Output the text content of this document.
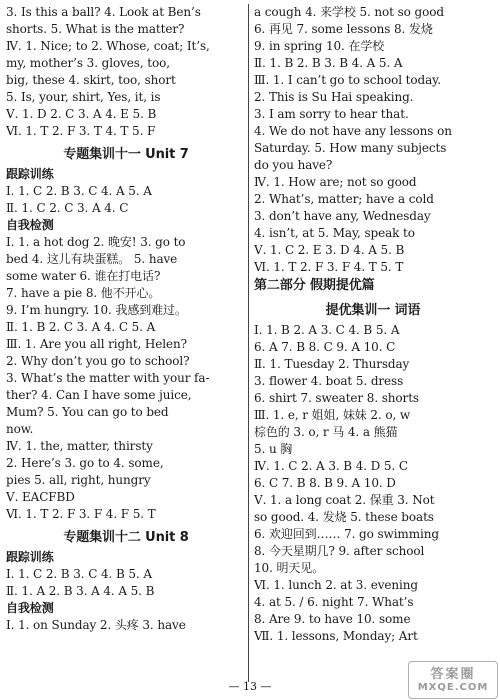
3. Is this a ball? 4. Look at Ben’s
shorts. 5. What is the matter?
Ⅳ. 1. Nice; to 2. Whose, coat; It’s,
my, mother’s 3. gloves, too,
big, these 4. skirt, too, short
5. Is, your, shirt, Yes, it, is
Ⅴ. 1. D 2. C 3. A 4. E 5. B
Ⅵ. 1. T 2. F 3. T 4. T 5. F
专题集训十一 Unit 7
跟踪训练
Ⅰ. 1. C 2. B 3. C 4. A 5. A
Ⅱ. 1. C 2. C 3. A 4. C
自我检测
Ⅰ. 1. a hot dog 2. 晚安! 3. go to
bed 4. 这儿有块蛋糕。 5. have
some water 6. 谁在打电话?
7. have a pie 8. 他不开心。
9. I’m hungry. 10. 我感到难过。
Ⅱ. 1. B 2. C 3. A 4. C 5. A
Ⅲ. 1. Are you all right, Helen?
2. Why don’t you go to school?
3. What’s the matter with your fa-
ther? 4. Can I have some juice,
Mum? 5. You can go to bed
now.
Ⅳ. 1. the, matter, thirsty
2. Here’s 3. go to 4. some,
pies 5. all, right, hungry
Ⅴ. EACFBD
Ⅵ. 1. T 2. F 3. F 4. F 5. T
专题集训十二 Unit 8
跟踪训练
Ⅰ. 1. C 2. B 3. C 4. B 5. A
Ⅱ. 1. A 2. B 3. A 4. A 5. B
自我检测
Ⅰ. 1. on Sunday 2. 头疼 3. have
a cough 4. 来学校 5. not so good
6. 再见 7. some lessons 8. 发烧
9. in spring 10. 在学校
Ⅱ. 1. B 2. B 3. B 4. A 5. A
Ⅲ. 1. I can’t go to school today.
2. This is Su Hai speaking.
3. I am sorry to hear that.
4. We do not have any lessons on
Saturday. 5. How many subjects
do you have?
Ⅳ. 1. How are; not so good
2. What’s, matter; have a cold
3. don’t have any, Wednesday
4. isn’t, at 5. May, speak to
Ⅴ. 1. C 2. E 3. D 4. A 5. B
Ⅵ. 1. T 2. F 3. F 4. T 5. T
第二部分 假期提优篇
提优集训一 词语
Ⅰ. 1. B 2. A 3. C 4. B 5. A
6. A 7. B 8. C 9. A 10. C
Ⅱ. 1. Tuesday 2. Thursday
3. flower 4. boat 5. dress
6. shirt 7. sweater 8. shorts
Ⅲ. 1. e, r 姐姐, 妹妹 2. o, w
棕色的 3. o, r 马 4. a 熊猫
5. u 胸
Ⅳ. 1. C 2. A 3. B 4. D 5. C
6. C 7. B 8. B 9. A 10. D
Ⅴ. 1. a long coat 2. 保重 3. Not
so good. 4. 发烧 5. these boats
6. 欢迎回到…… 7. go swimming
8. 今天星期几? 9. after school
10. 明天见。
Ⅵ. 1. lunch 2. at 3. evening
4. at 5. / 6. night 7. What’s
8. Are 9. to have 10. some
Ⅶ. 1. lessons, Monday; Art
— 13 —
答案圈
MXQE.COM
